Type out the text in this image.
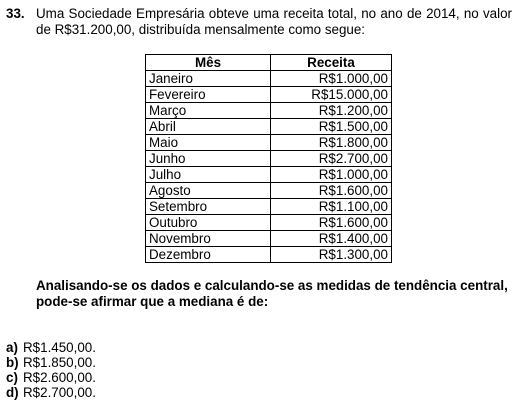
33. Uma Sociedade Empresária obteve uma receita total, no ano de 2014, no valor de R$31.200,00, distribuída mensalmente como segue:
Mês	Receita
Janeiro	R$1.000,00
Fevereiro	R$15.000,00
Março	R$1.200,00
Abril	R$1.500,00
Maio	R$1.800,00
Junho	R$2.700,00
Julho	R$1.000,00
Agosto	R$1.600,00
Setembro	R$1.100,00
Outubro	R$1.600,00
Novembro	R$1.400,00
Dezembro	R$1.300,00
Analisando-se os dados e calculando-se as medidas de tendência central, pode-se afirmar que a mediana é de:
a) R$1.450,00.
b) R$1.850,00.
c) R$2.600,00.
d) R$2.700,00.
